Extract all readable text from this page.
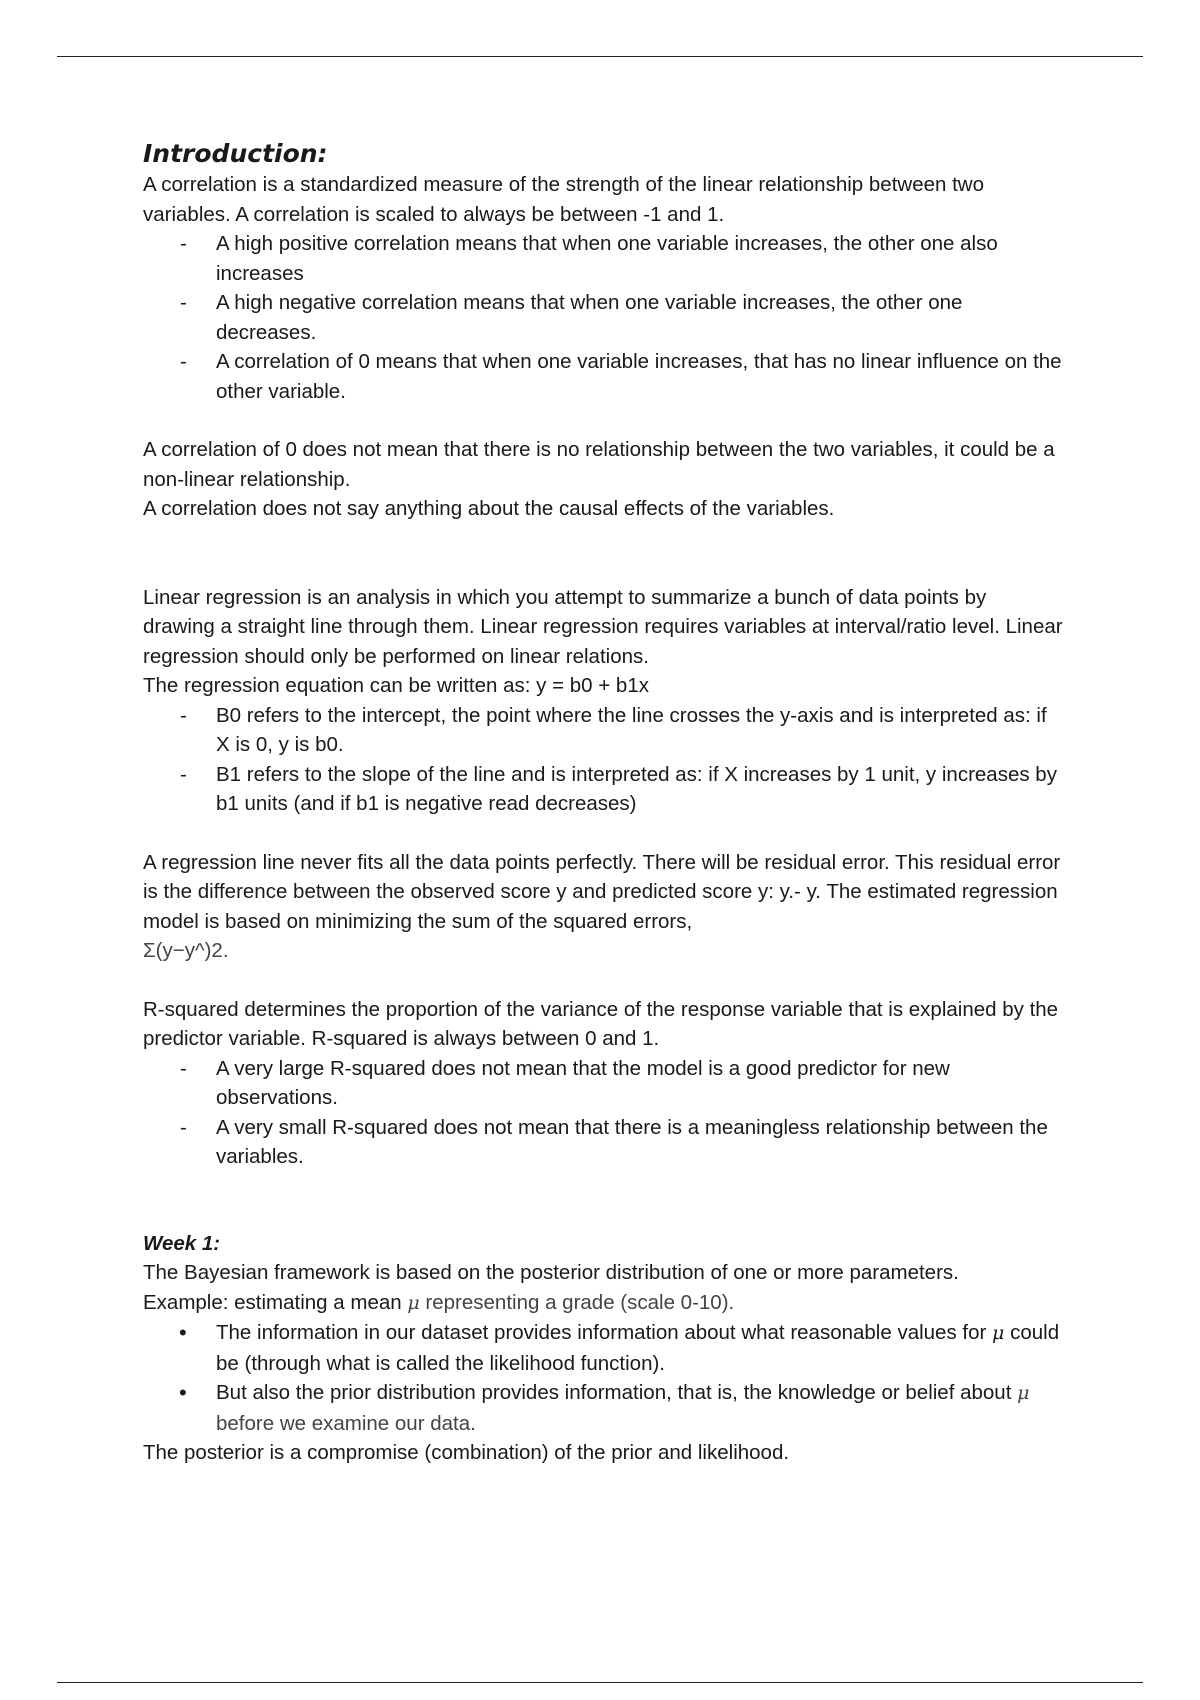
Introduction:

A correlation is a standardized measure of the strength of the linear relationship between two variables. A correlation is scaled to always be between -1 and 1.

- A high positive correlation means that when one variable increases, the other one also increases
- A high negative correlation means that when one variable increases, the other one decreases.
- A correlation of 0 means that when one variable increases, that has no linear influence on the other variable.

A correlation of 0 does not mean that there is no relationship between the two variables, it could be a non-linear relationship.

A correlation does not say anything about the causal effects of the variables.

Linear regression is an analysis in which you attempt to summarize a bunch of data points by drawing a straight line through them. Linear regression requires variables at interval/ratio level. Linear regression should only be performed on linear relations.

The regression equation can be written as: y = b0 + b1x

- B0 refers to the intercept, the point where the line crosses the y-axis and is interpreted as: if X is 0, y is b0.
- B1 refers to the slope of the line and is interpreted as: if X increases by 1 unit, y increases by b1 units (and if b1 is negative read decreases)

A regression line never fits all the data points perfectly. There will be residual error. This residual error is the difference between the observed score y and predicted score y: y.- y. The estimated regression model is based on minimizing the sum of the squared errors,

Σ(y−y^)2.

R-squared determines the proportion of the variance of the response variable that is explained by the predictor variable. R-squared is always between 0 and 1.

- A very large R-squared does not mean that the model is a good predictor for new observations.
- A very small R-squared does not mean that there is a meaningless relationship between the variables.

Week 1:

The Bayesian framework is based on the posterior distribution of one or more parameters.

Example: estimating a mean μ representing a grade (scale 0-10).

• The information in our dataset provides information about what reasonable values for μ could be (through what is called the likelihood function).
• But also the prior distribution provides information, that is, the knowledge or belief about μ before we examine our data.

The posterior is a compromise (combination) of the prior and likelihood.
